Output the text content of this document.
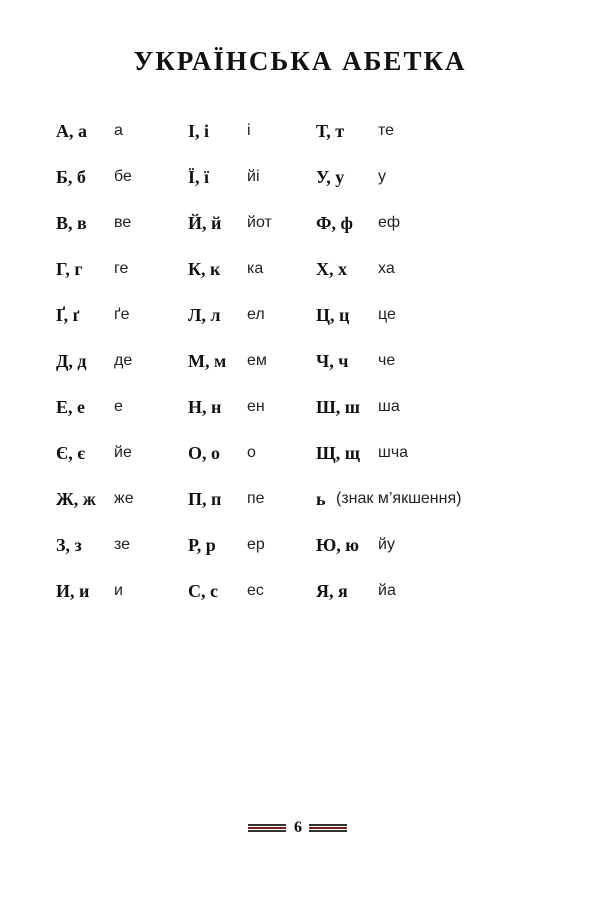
УКРАЇНСЬКА АБЕТКА
А, а а
Б, б бе
В, в ве
Г, г ге
Ґ, ґ ґе
Д, д де
Е, е е
Є, є йе
Ж, ж же
З, з зе
И, и и
І, і і
Ї, ї йі
Й, й йот
К, к ка
Л, л ел
М, м ем
Н, н ен
О, о о
П, п пе
Р, р ер
С, с ес
Т, т те
У, у у
Ф, ф еф
Х, х ха
Ц, ц це
Ч, ч че
Ш, ш ша
Щ, щ шча
ь (знак м’якшення)
Ю, ю йу
Я, я йа
6
